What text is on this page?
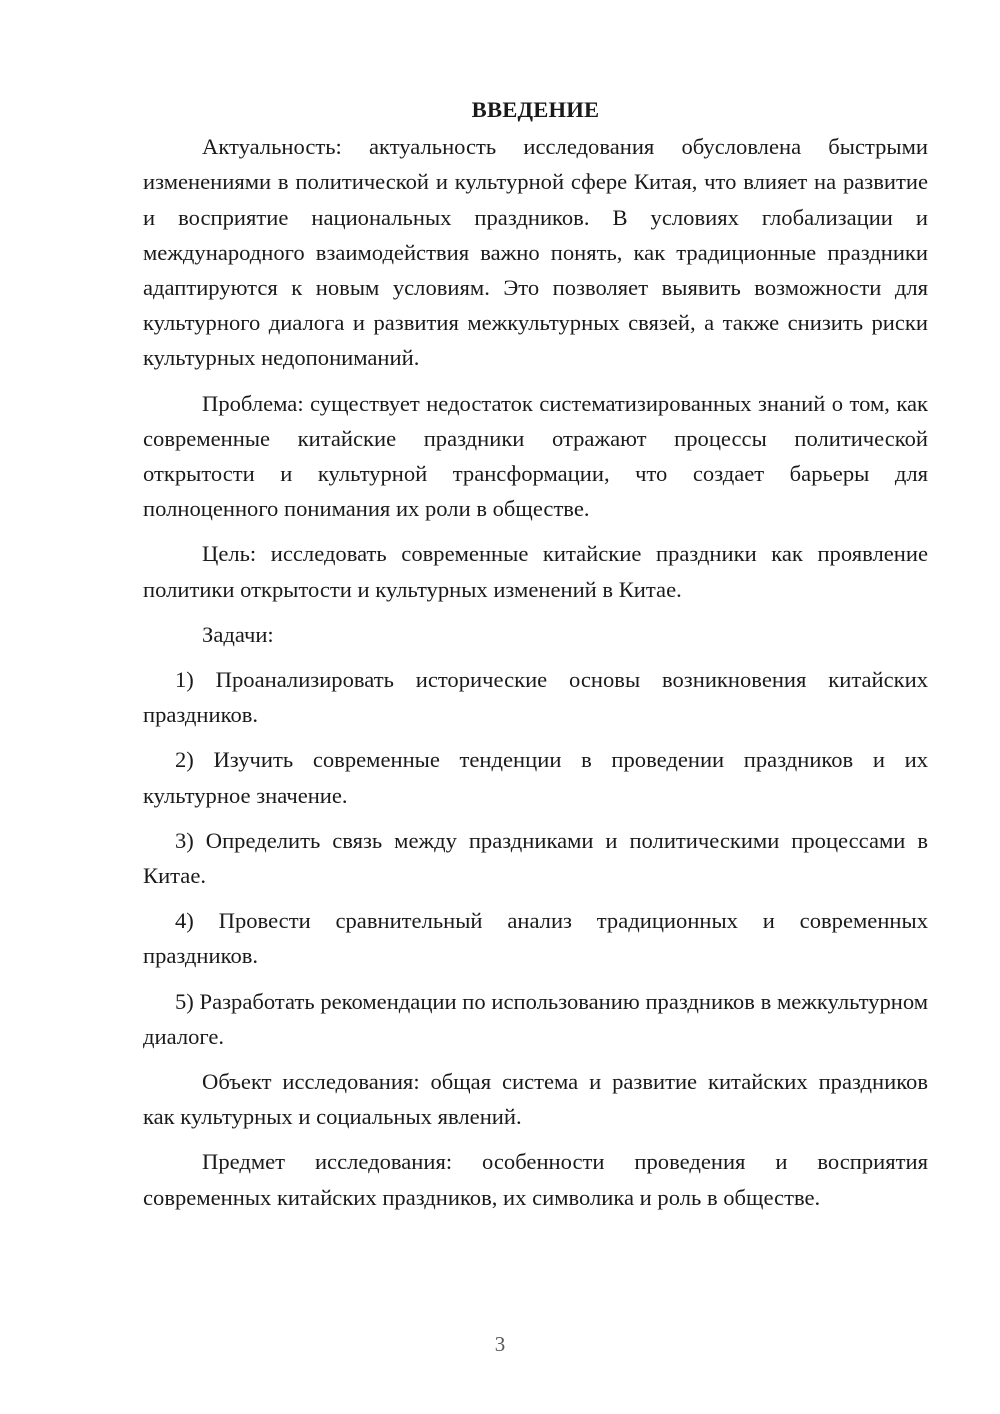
ВВЕДЕНИЕ

Актуальность: актуальность исследования обусловлена быстрыми изменениями в политической и культурной сфере Китая, что влияет на развитие и восприятие национальных праздников. В условиях глобализации и международного взаимодействия важно понять, как традиционные праздники адаптируются к новым условиям. Это позволяет выявить возможности для культурного диалога и развития межкультурных связей, а также снизить риски культурных недопониманий.

Проблема: существует недостаток систематизированных знаний о том, как современные китайские праздники отражают процессы политической открытости и культурной трансформации, что создает барьеры для полноценного понимания их роли в обществе.

Цель: исследовать современные китайские праздники как проявление политики открытости и культурных изменений в Китае.

Задачи:

1) Проанализировать исторические основы возникновения китайских праздников.

2) Изучить современные тенденции в проведении праздников и их культурное значение.

3) Определить связь между праздниками и политическими процессами в Китае.

4) Провести сравнительный анализ традиционных и современных праздников.

5) Разработать рекомендации по использованию праздников в межкультурном диалоге.

Объект исследования: общая система и развитие китайских праздников как культурных и социальных явлений.

Предмет исследования: особенности проведения и восприятия современных китайских праздников, их символика и роль в обществе.

3
